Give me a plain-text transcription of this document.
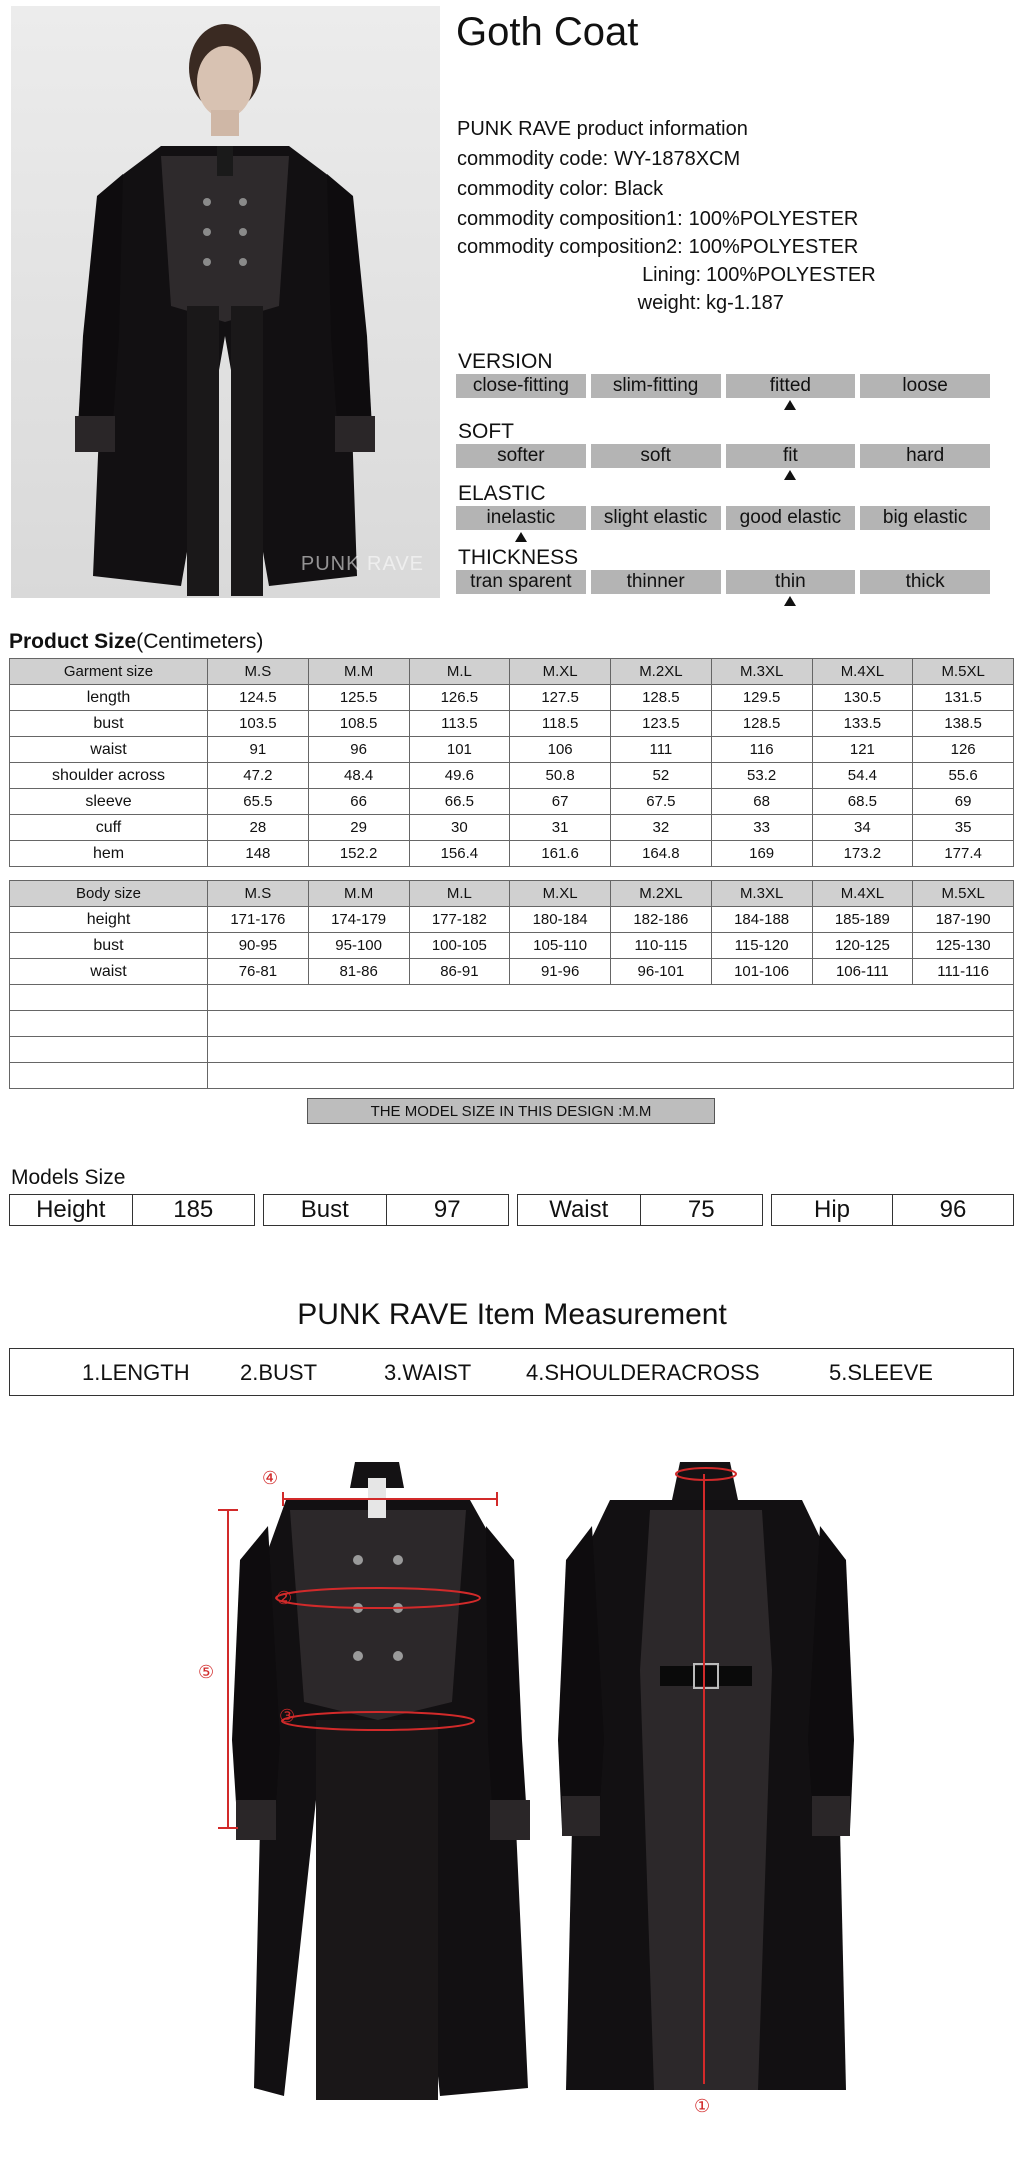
PUNK RAVE
Goth Coat
PUNK RAVE product information
commodity code: WY-1878XCM
commodity color: Black
commodity composition1: 100%POLYESTER
commodity composition2: 100%POLYESTER
Lining: 100%POLYESTER
weight: kg-1.187
VERSION
close-fitting	slim-fitting	fitted	loose
SOFT
softer	soft	fit	hard
ELASTIC
inelastic	slight elastic	good elastic	big elastic
THICKNESS
tran sparent	thinner	thin	thick
Product Size(Centimeters)
Garment size	M.S	M.M	M.L	M.XL	M.2XL	M.3XL	M.4XL	M.5XL
length	124.5	125.5	126.5	127.5	128.5	129.5	130.5	131.5
bust	103.5	108.5	113.5	118.5	123.5	128.5	133.5	138.5
waist	91	96	101	106	111	116	121	126
shoulder across	47.2	48.4	49.6	50.8	52	53.2	54.4	55.6
sleeve	65.5	66	66.5	67	67.5	68	68.5	69
cuff	28	29	30	31	32	33	34	35
hem	148	152.2	156.4	161.6	164.8	169	173.2	177.4
Body size	M.S	M.M	M.L	M.XL	M.2XL	M.3XL	M.4XL	M.5XL
height	171-176	174-179	177-182	180-184	182-186	184-188	185-189	187-190
bust	90-95	95-100	100-105	105-110	110-115	115-120	120-125	125-130
waist	76-81	81-86	86-91	91-96	96-101	101-106	106-111	111-116

THE MODEL SIZE IN THIS DESIGN :M.M
Models Size
Height	185	Bust	97	Waist	75	Hip	96
PUNK RAVE Item Measurement
1.LENGTH 2.BUST	3.WAIST 4.SHOULDERACROSS	5.SLEEVE
④
②
③
⑤
①
